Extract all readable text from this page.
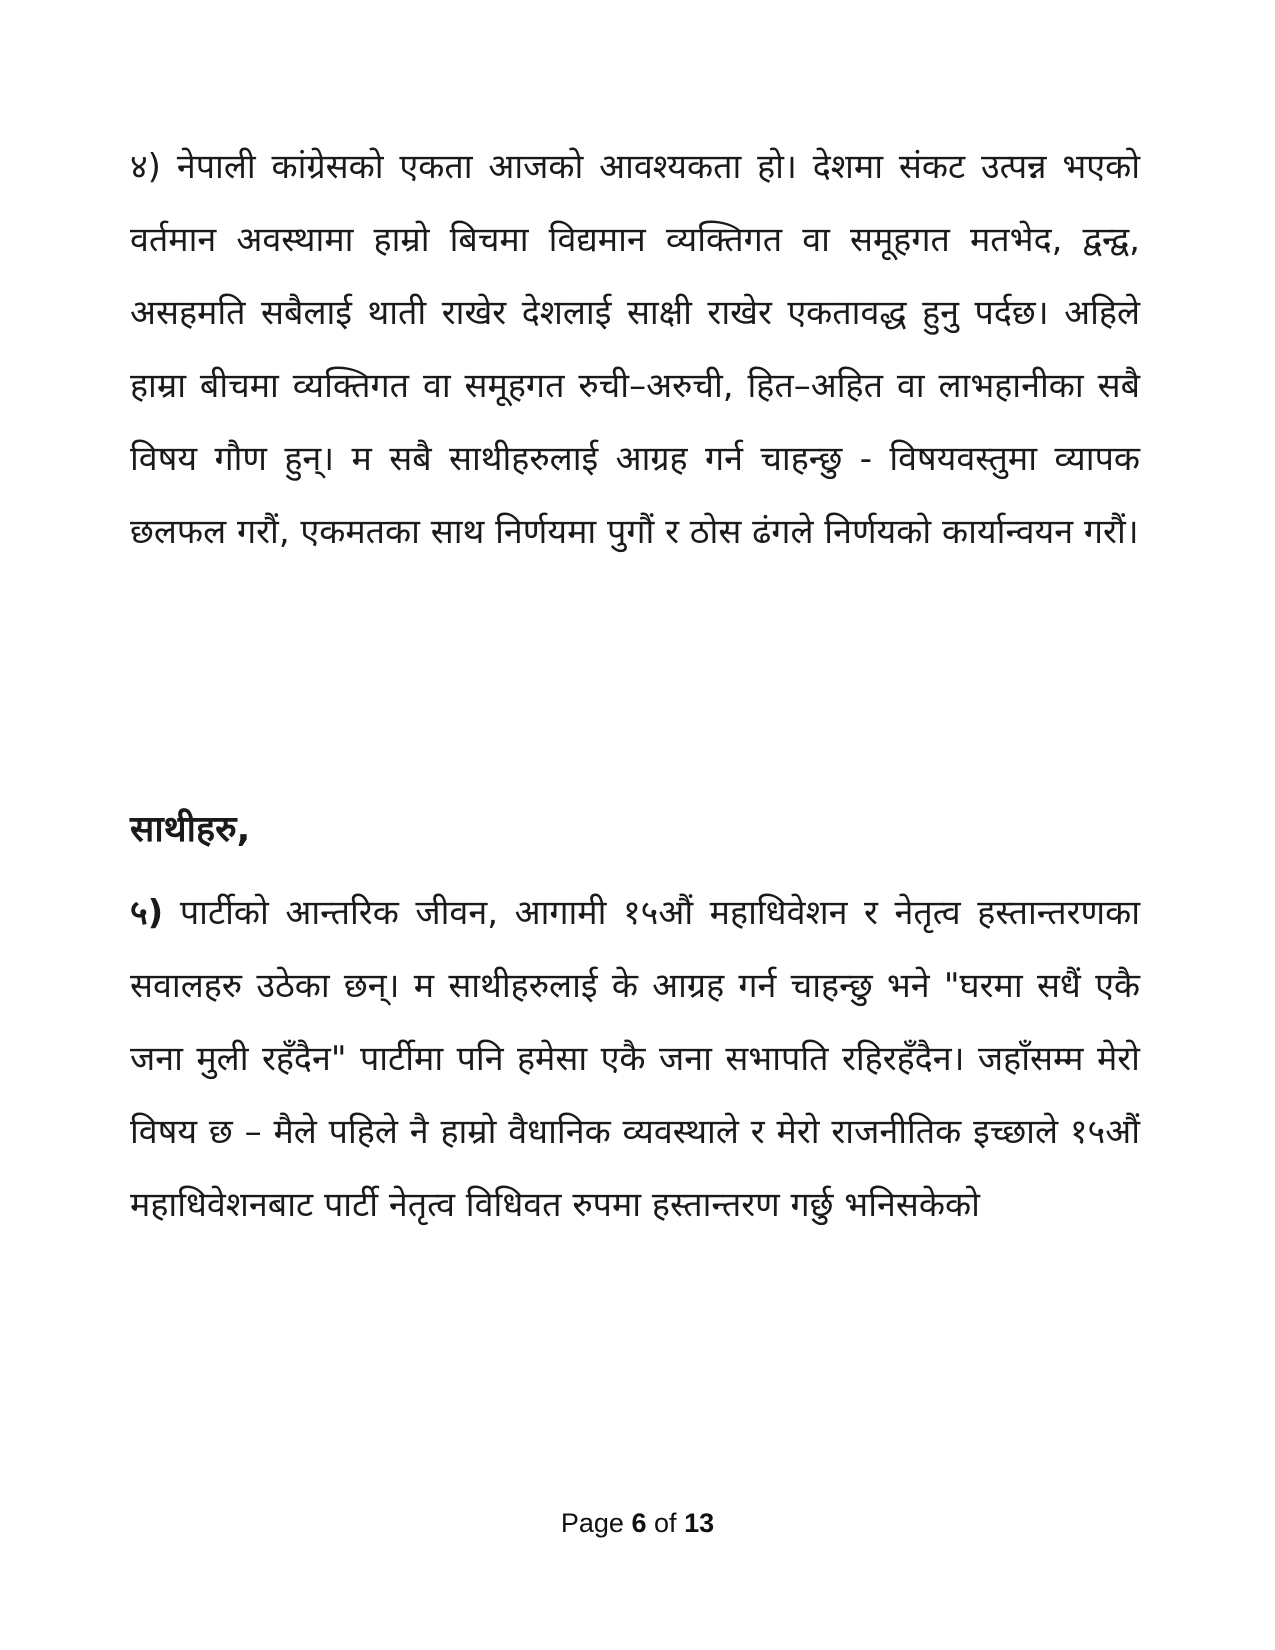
४) नेपाली कांग्रेसको एकता आजको आवश्यकता हो। देशमा संकट उत्पन्न भएको वर्तमान अवस्थामा हाम्रो बिचमा विद्यमान व्यक्तिगत वा समूहगत मतभेद, द्वन्द्व, असहमति सबैलाई थाती राखेर देशलाई साक्षी राखेर एकतावद्ध हुनु पर्दछ। अहिले हाम्रा बीचमा व्यक्तिगत वा समूहगत रुची–अरुची, हित–अहित वा लाभहानीका सबै विषय गौण हुन्। म सबै साथीहरुलाई आग्रह गर्न चाहन्छु - विषयवस्तुमा व्यापक छलफल गरौं, एकमतका साथ निर्णयमा पुगौं र ठोस ढंगले निर्णयको कार्यान्वयन गरौं।

साथीहरु,

५) पार्टीको आन्तरिक जीवन, आगामी १५औं महाधिवेशन र नेतृत्व हस्तान्तरणका सवालहरु उठेका छन्। म साथीहरुलाई के आग्रह गर्न चाहन्छु भने "घरमा सधैं एकै जना मुली रहँदैन" पार्टीमा पनि हमेसा एकै जना सभापति रहिरहँदैन। जहाँसम्म मेरो विषय छ – मैले पहिले नै हाम्रो वैधानिक व्यवस्थाले र मेरो राजनीतिक इच्छाले १५औं महाधिवेशनबाट पार्टी नेतृत्व विधिवत रुपमा हस्तान्तरण गर्छु भनिसकेको

Page 6 of 13
